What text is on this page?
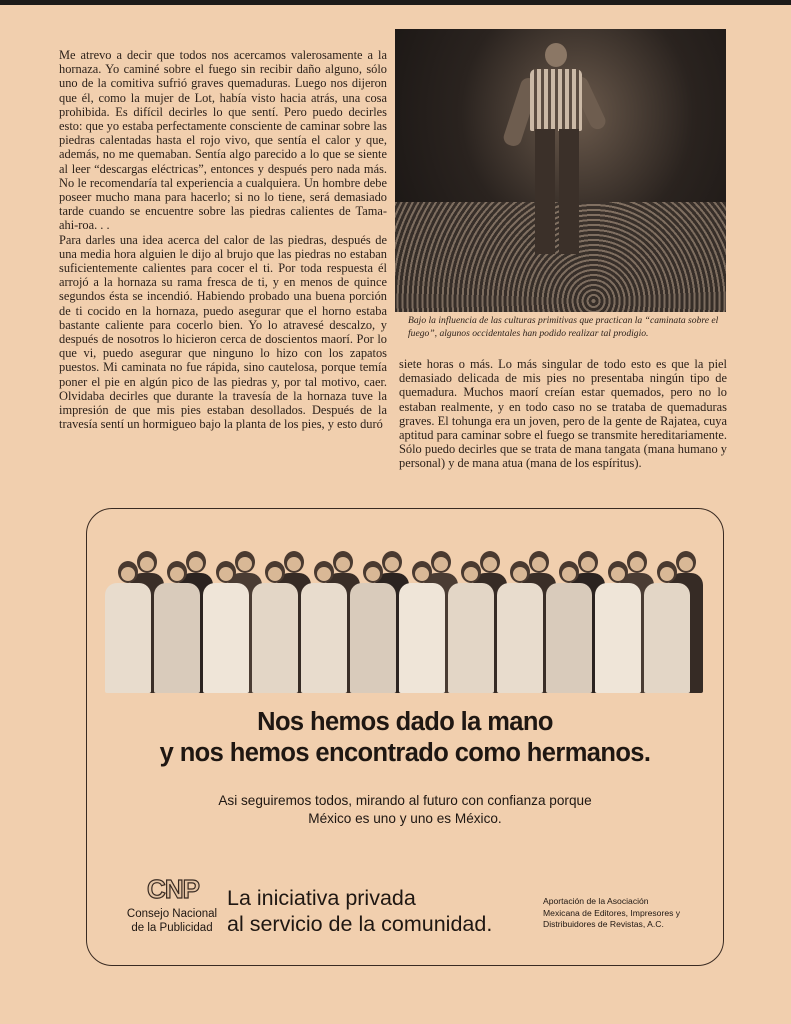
Me atrevo a decir que todos nos acercamos valerosamente a la hornaza. Yo caminé sobre el fuego sin recibir daño alguno, sólo uno de la comitiva sufrió graves quemaduras. Luego nos dijeron que él, como la mujer de Lot, había visto hacia atrás, una cosa prohibida. Es difícil decirles lo que sentí. Pero puedo decirles esto: que yo estaba perfectamente consciente de caminar sobre las piedras calentadas hasta el rojo vivo, que sentía el calor y que, además, no me quemaban. Sentía algo parecido a lo que se siente al leer “descargas eléctricas”, entonces y después pero nada más. No le recomendaría tal experiencia a cualquiera. Un hombre debe poseer mucho mana para hacerlo; si no lo tiene, será demasiado tarde cuando se encuentre sobre las piedras calientes de Tama-ahi-roa. . .

Para darles una idea acerca del calor de las piedras, después de una media hora alguien le dijo al brujo que las piedras no estaban suficientemente calientes para cocer el ti. Por toda respuesta él arrojó a la hornaza su rama fresca de ti, y en menos de quince segundos ésta se incendió. Habiendo probado una buena porción de ti cocido en la hornaza, puedo asegurar que el horno estaba bastante caliente para cocerlo bien. Yo lo atravesé descalzo, y después de nosotros lo hicieron cerca de doscientos maorí. Por lo que vi, puedo asegurar que ninguno lo hizo con los zapatos puestos. Mi caminata no fue rápida, sino cautelosa, porque temía poner el pie en algún pico de las piedras y, por tal motivo, caer. Olvidaba decirles que durante la travesía de la hornaza tuve la impresión de que mis pies estaban desollados. Después de la travesía sentí un hormigueo bajo la planta de los pies, y esto duró

Bajo la influencia de las culturas primitivas que practican la “caminata sobre el fuego”, algunos occidentales han podido realizar tal prodigio.

siete horas o más. Lo más singular de todo esto es que la piel demasiado delicada de mis pies no presentaba ningún tipo de quemadura. Muchos maorí creían estar quemados, pero no lo estaban realmente, y en todo caso no se trataba de quemaduras graves. El tohunga era un joven, pero de la gente de Rajatea, cuya aptitud para caminar sobre el fuego se transmite hereditariamente. Sólo puedo decirles que se trata de mana tangata (mana humano y personal) y de mana atua (mana de los espíritus).

Nos hemos dado la mano
y nos hemos encontrado como hermanos.
Asi seguiremos todos, mirando al futuro con confianza porque
México es uno y uno es México.
CNP
Consejo Nacional
de la Publicidad
La iniciativa privada
al servicio de la comunidad.
Aportación de la Asociación
Mexicana de Editores, Impresores y
Distribuidores de Revistas, A.C.
